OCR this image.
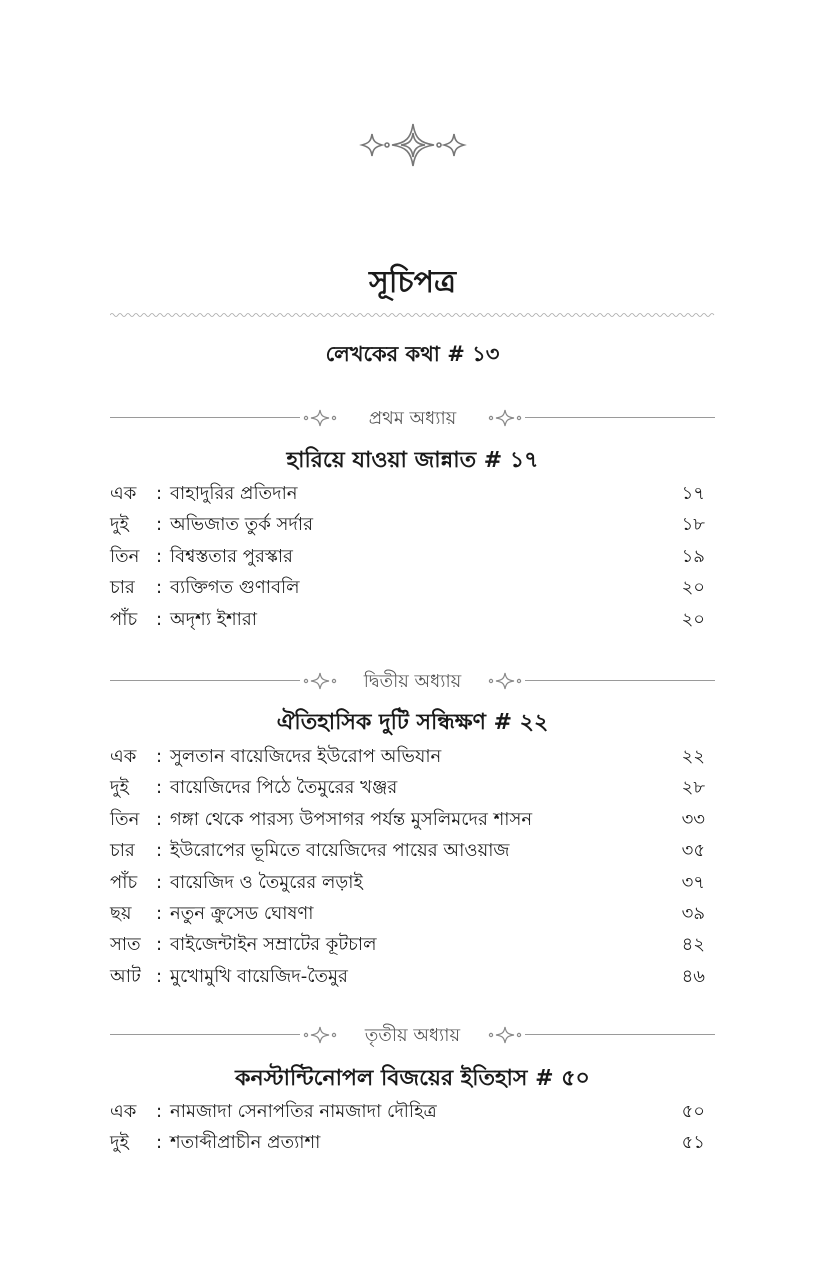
সূচিপত্র
লেখকের কথা # ১৩
প্রথম অধ্যায়
হারিয়ে যাওয়া জান্নাত # ১৭
এক : বাহাদুরির প্রতিদান	১৭
দুই : অভিজাত তুর্ক সর্দার	১৮
তিন : বিশ্বস্ততার পুরস্কার	১৯
চার : ব্যক্তিগত গুণাবলি	২০
পাঁচ : অদৃশ্য ইশারা	২০
দ্বিতীয় অধ্যায়
ঐতিহাসিক দুটি সন্ধিক্ষণ # ২২
এক : সুলতান বায়েজিদের ইউরোপ অভিযান	২২
দুই : বায়েজিদের পিঠে তৈমুরের খঞ্জর	২৮
তিন : গঙ্গা থেকে পারস্য উপসাগর পর্যন্ত মুসলিমদের শাসন	৩৩
চার : ইউরোপের ভূমিতে বায়েজিদের পায়ের আওয়াজ	৩৫
পাঁচ : বায়েজিদ ও তৈমুরের লড়াই	৩৭
ছয় : নতুন ক্রুসেড ঘোষণা	৩৯
সাত : বাইজেন্টাইন সম্রাটের কূটচাল	৪২
আট : মুখোমুখি বায়েজিদ-তৈমুর	৪৬
তৃতীয় অধ্যায়
কনস্টান্টিনোপল বিজয়ের ইতিহাস # ৫০
এক : নামজাদা সেনাপতির নামজাদা দৌহিত্র	৫০
দুই : শতাব্দীপ্রাচীন প্রত্যাশা	৫১
